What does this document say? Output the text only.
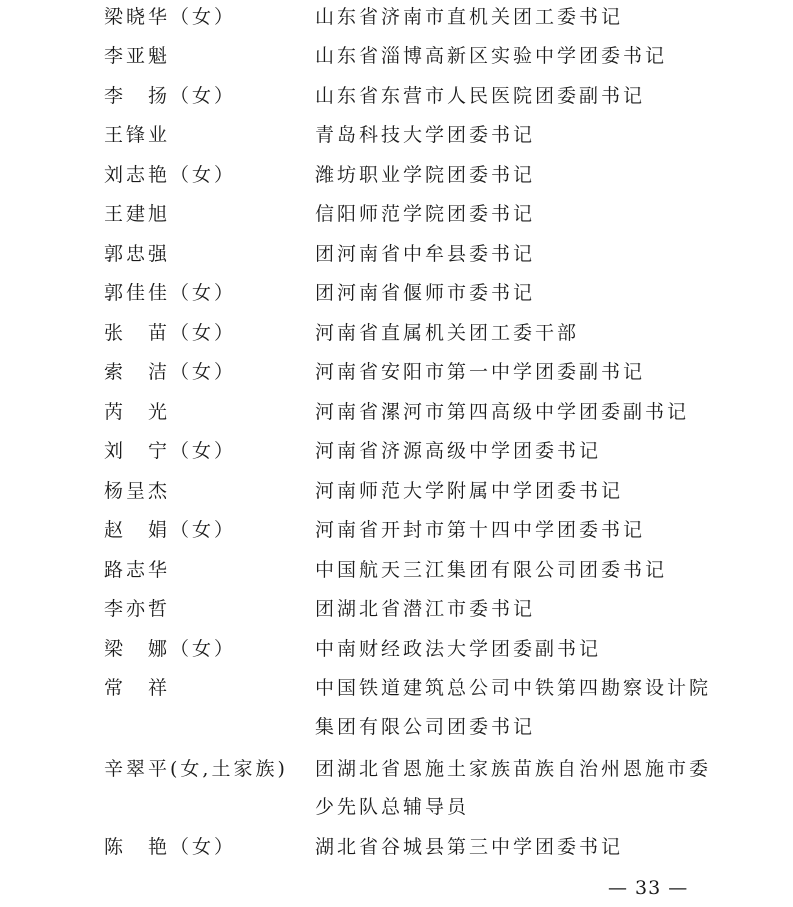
梁晓华（女）	山东省济南市直机关团工委书记
李亚魁	山东省淄博高新区实验中学团委书记
李　扬（女）	山东省东营市人民医院团委副书记
王锋业	青岛科技大学团委书记
刘志艳（女）	潍坊职业学院团委书记
王建旭	信阳师范学院团委书记
郭忠强	团河南省中牟县委书记
郭佳佳（女）	团河南省偃师市委书记
张　苗（女）	河南省直属机关团工委干部
索　洁（女）	河南省安阳市第一中学团委副书记
芮　光	河南省漯河市第四高级中学团委副书记
刘　宁（女）	河南省济源高级中学团委书记
杨呈杰	河南师范大学附属中学团委书记
赵　娟（女）	河南省开封市第十四中学团委书记
路志华	中国航天三江集团有限公司团委书记
李亦哲	团湖北省潜江市委书记
梁　娜（女）	中南财经政法大学团委副书记
常　祥	中国铁道建筑总公司中铁第四勘察设计院
集团有限公司团委书记
辛翠平(女,土家族) 团湖北省恩施土家族苗族自治州恩施市委
少先队总辅导员
陈　艳（女）	湖北省谷城县第三中学团委书记
— 33 —
